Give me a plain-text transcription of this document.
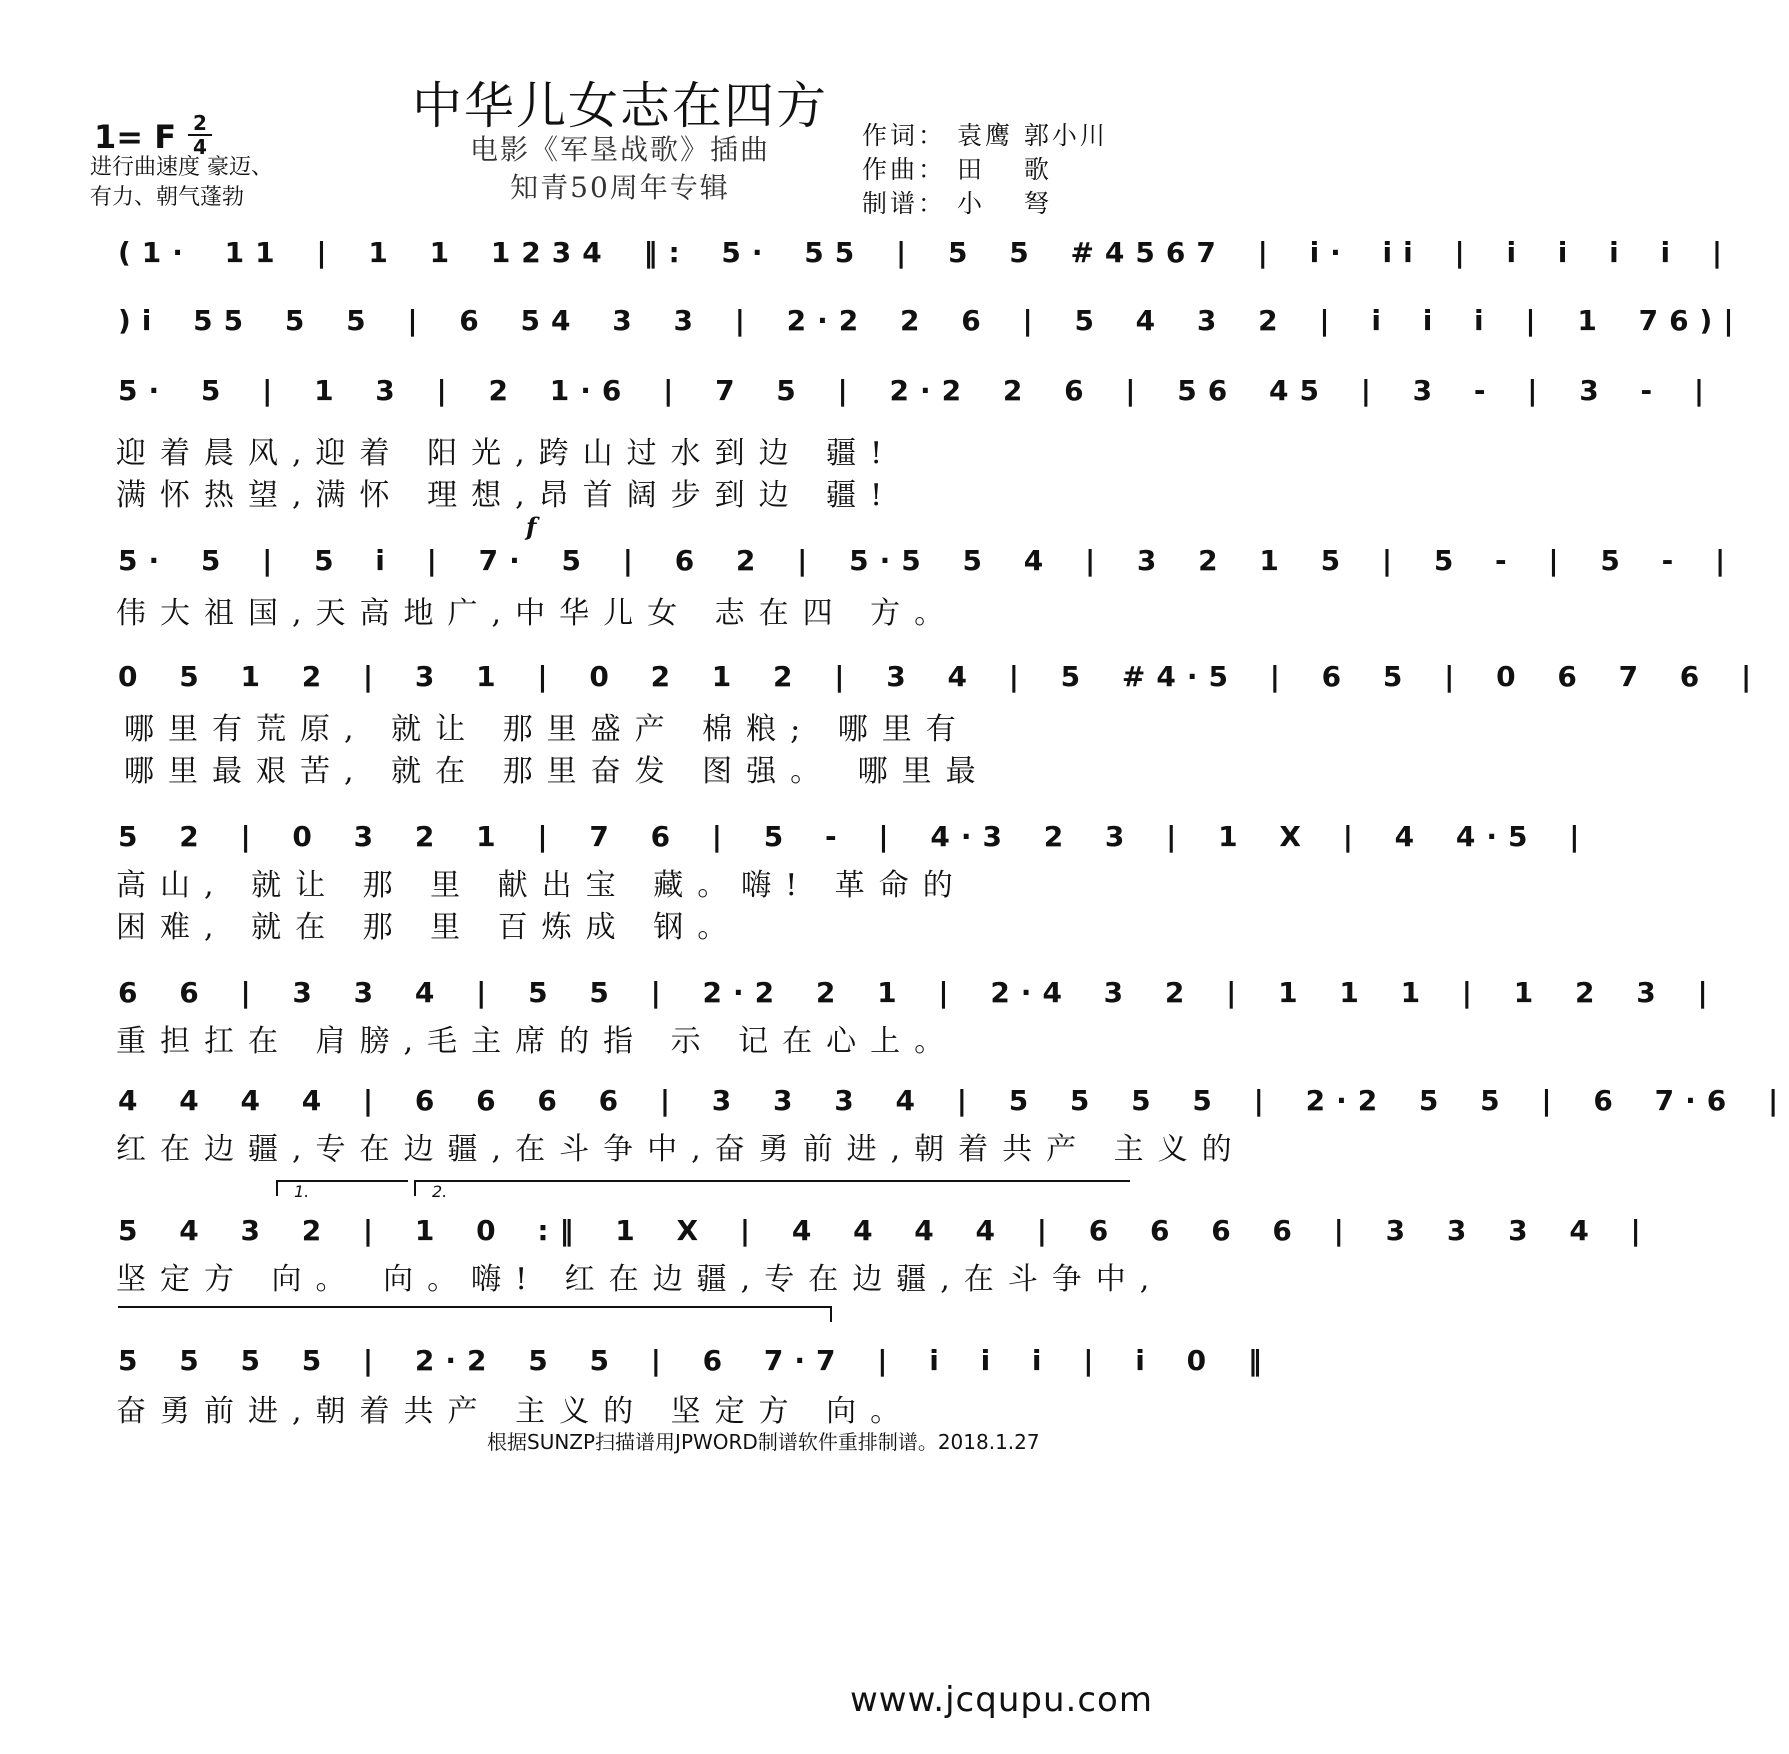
中华儿女志在四方
电影《军垦战歌》插曲
知青50周年专辑
1= F 2
4
进行曲速度 豪迈、
有力、朝气蓬勃
作词： 袁鹰 郭小川
作曲： 田　 歌
制谱： 小　 弩
(1· 11 | 1 1 1234 ‖: 5· 55 | 5 5 #4567 | i· ii | i i i i |
)i 55 5 5 | 6 54 3 3 | 2·2 2 6 | 5 4 3 2 | i i i | 1 76)|
5· 5 | 1 3 | 2 1·6 | 7 5 | 2·2 2 6 | 56 45 | 3 - | 3 - |
迎着晨风,迎着 阳光,跨山过水到边 疆!
满怀热望,满怀 理想,昂首阔步到边 疆!
f
5· 5 | 5 i | 7· 5 | 6 2 | 5·5 5 4 | 3 2 1 5 | 5 - | 5 - |
伟大祖国,天高地广,中华儿女 志在四 方。
0 5 1 2 | 3 1 | 0 2 1 2 | 3 4 | 5 #4·5 | 6 5 | 0 6 7 6 |
哪里有荒原, 就让 那里盛产 棉粮; 哪里有
哪里最艰苦, 就在 那里奋发 图强。 哪里最
5 2 | 0 3 2 1 | 7 6 | 5 - | 4·3 2 3 | 1 X | 4 4·5 |
高山, 就让 那 里 献出宝 藏。嗨! 革命的
困难, 就在 那 里 百炼成 钢。
6 6 | 3 3 4 | 5 5 | 2·2 2 1 | 2·4 3 2 | 1 1 1 | 1 2 3 |
重担扛在 肩膀,毛主席的指 示 记在心上。
4 4 4 4 | 6 6 6 6 | 3 3 3 4 | 5 5 5 5 | 2·2 5 5 | 6 7·6 |
红在边疆,专在边疆,在斗争中,奋勇前进,朝着共产 主义的
1.	2.
5 4 3 2 | 1 0 :‖ 1 X | 4 4 4 4 | 6 6 6 6 | 3 3 3 4 |
坚定方 向。 向。嗨! 红在边疆,专在边疆,在斗争中,
5 5 5 5 | 2·2 5 5 | 6 7·7 | i i i | i 0 ‖
奋勇前进,朝着共产 主义的 坚定方 向。
根据SUNZP扫描谱用JPWORD制谱软件重排制谱。2018.1.27
www.jcqupu.com
